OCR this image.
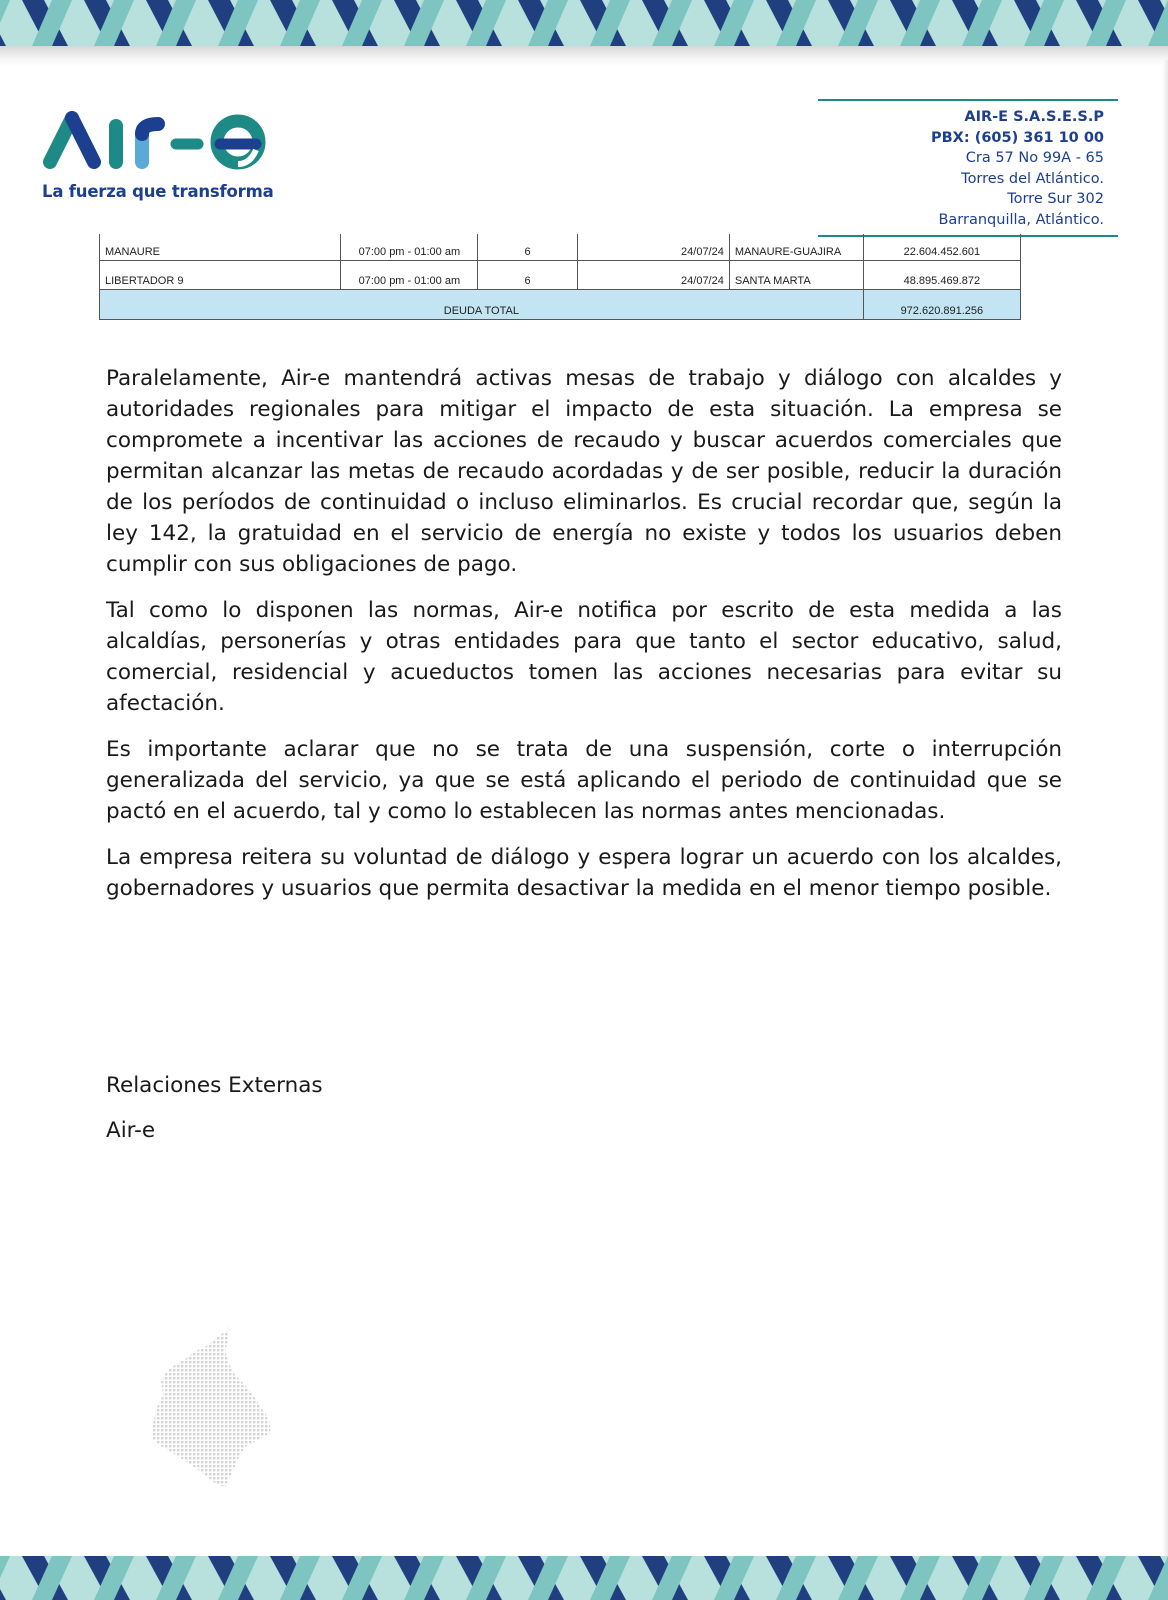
La fuerza que transforma
AIR-E S.A.S.E.S.P
PBX: (605) 361 10 00
Cra 57 No 99A - 65
Torres del Atlántico.
Torre Sur 302
Barranquilla, Atlántico.
MANAURE	07:00 pm - 01:00 am	6	24/07/24	MANAURE-GUAJIRA	22.604.452.601
LIBERTADOR 9	07:00 pm - 01:00 am	6	24/07/24	SANTA MARTA	48.895.469.872
DEUDA TOTAL					972.620.891.256

Paralelamente, Air-e mantendrá activas mesas de trabajo y diálogo con alcaldes y autoridades regionales para mitigar el impacto de esta situación. La empresa se compromete a incentivar las acciones de recaudo y buscar acuerdos comerciales que permitan alcanzar las metas de recaudo acordadas y de ser posible, reducir la duración de los períodos de continuidad o incluso eliminarlos. Es crucial recordar que, según la ley 142, la gratuidad en el servicio de energía no existe y todos los usuarios deben cumplir con sus obligaciones de pago.

Tal como lo disponen las normas, Air-e notifica por escrito de esta medida a las alcaldías, personerías y otras entidades para que tanto el sector educativo, salud, comercial, residencial y acueductos tomen las acciones necesarias para evitar su afectación.

Es importante aclarar que no se trata de una suspensión, corte o interrupción generalizada del servicio, ya que se está aplicando el periodo de continuidad que se pactó en el acuerdo, tal y como lo establecen las normas antes mencionadas.

La empresa reitera su voluntad de diálogo y espera lograr un acuerdo con los alcaldes, gobernadores y usuarios que permita desactivar la medida en el menor tiempo posible.

Relaciones Externas
Air-e
